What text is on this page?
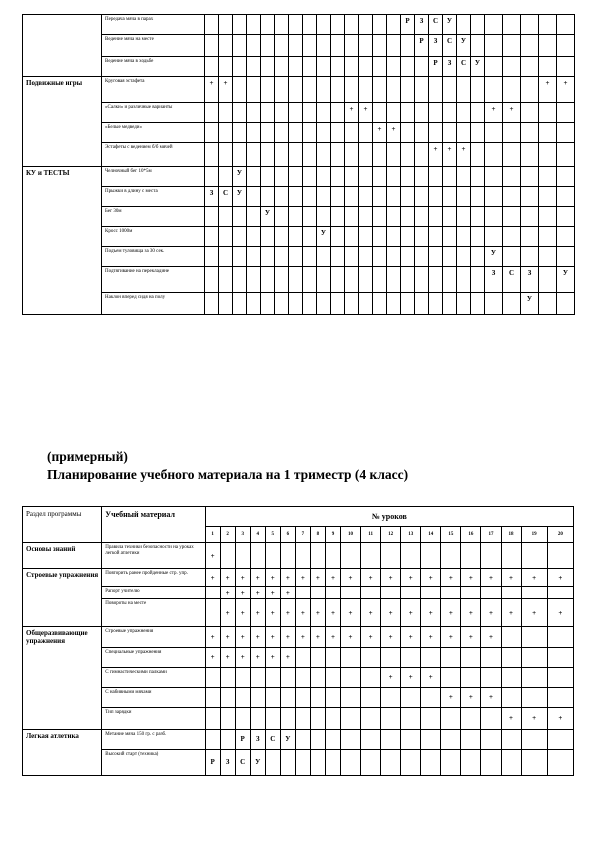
	Передача мяча в парах															Р	З	С	У							
	Ведение мяча на месте																Р	З	С	У						
	Ведение мяча в ходьбе																	Р	З	С	У					
Подвижные игры	Круговая эстафета	+	+																						+	+
	«Салки» и различные варианты											+	+									+	+			
	«Белые медведи»													+	+											
	Эстафеты с ведением б/б мячей																	+	+	+						
КУ и ТЕСТЫ	Челночный бег 10*5м			У																						
	Прыжки в длину с места	З	С	У																						
	Бег 30м					У																				
	Кросс 1000м									У																
	Подъем туловища за 30 сек.																					У				
	Подтягивание на перекладине																					З	С	З		У
	Наклон вперед сидя на полу																							У		
(примерный)
Планирование учебного материала на 1 триместр (4 класс)
Раздел программы	Учебный материал	№ уроков																			
		1	2	3	4	5	6	7	8	9	10	11	12	13	14	15	16	17	18	19	20
Основы знаний	Правила техники безопасности на уроках легкой атлетики	+																			
Строевые упражнения	Повторить ранее пройденные стр. упр.	+	+	+	+	+	+	+	+	+	+	+	+	+	+	+	+	+	+	+	+
	Рапорт учителю		+	+	+	+	+														
	Повороты на месте		+	+	+	+	+	+	+	+	+	+	+	+	+	+	+	+	+	+	+
Общеразвивающие упражнения	Строевые упражнения	+	+	+	+	+	+	+	+	+	+	+	+	+	+	+	+	+			
	Специальные упражнения	+	+	+	+	+	+														
	С гимнастическими палками												+	+	+						
	С набивными мячами															+	+	+			
	Тип зарядки																		+	+	+
Легкая атлетика	Метание мяча 150 гр. с разб.			Р	З	С	У														
	Высокий старт (техника)	Р	З	С	У																
